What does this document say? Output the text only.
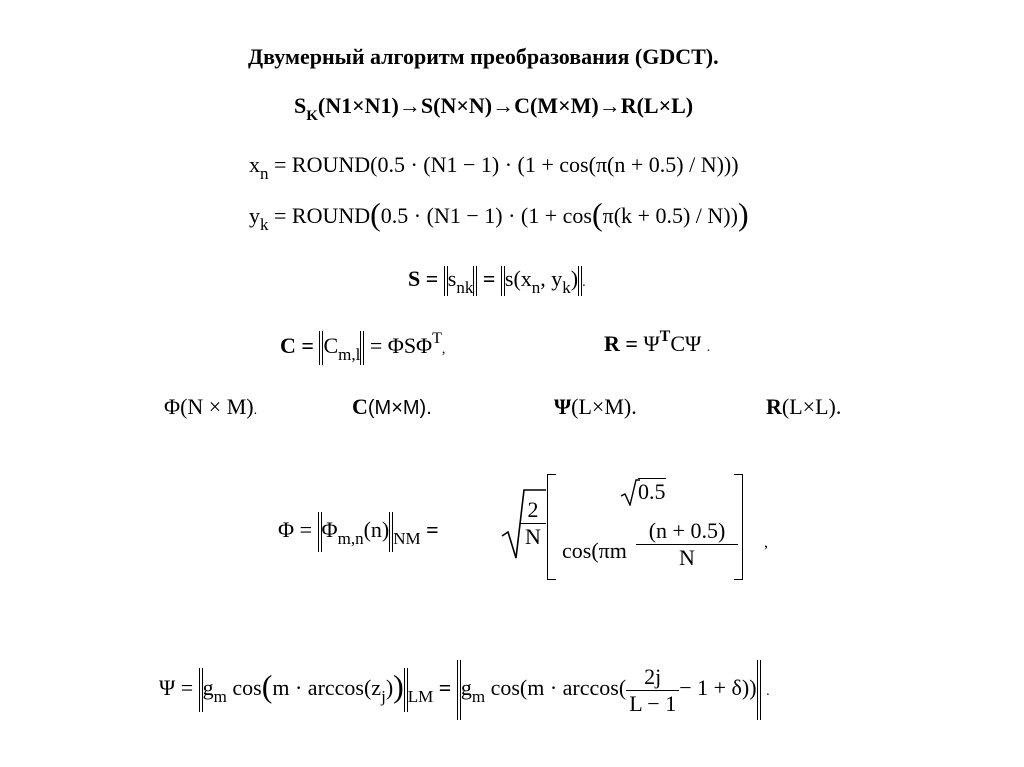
Двумерный алгоритм преобразования (GDCT).
$S_K(N1\times N1)\to S(N\times N)\to C(M\times M)\to R(L\times L)$
$x_n$ = ROUND(0.5 · (N1 − 1) · (1 + cos(π(n + 0.5) / N)))
$y_k$ = ROUND(0.5 · (N1 − 1) · (1 + cos(π(k + 0.5) / N)))
$S = s_{nk} = s(x_n$, $y_k$) .
$C = C_{m,l} = \Phi S\Phi^T$,	$R = \Psi^TC\Psi$ .
Φ(N × M).	C(M×M).	Ψ(L×M).	R(L×L).
$\Phi = \Phi_{m,n}(n) _{NM}$ =	$\frac{2}{N}$
0.5
$\cos(\pi m \frac{(n + 0.5)}{N}$ ,
$\Psi = g_m$ $\cos(m \cdot \arccos(z_j))$ $_{LM} = g_m$ $\cos(m \cdot \arccos( \frac{2j}{L - 1} - 1 + \delta))$ .
